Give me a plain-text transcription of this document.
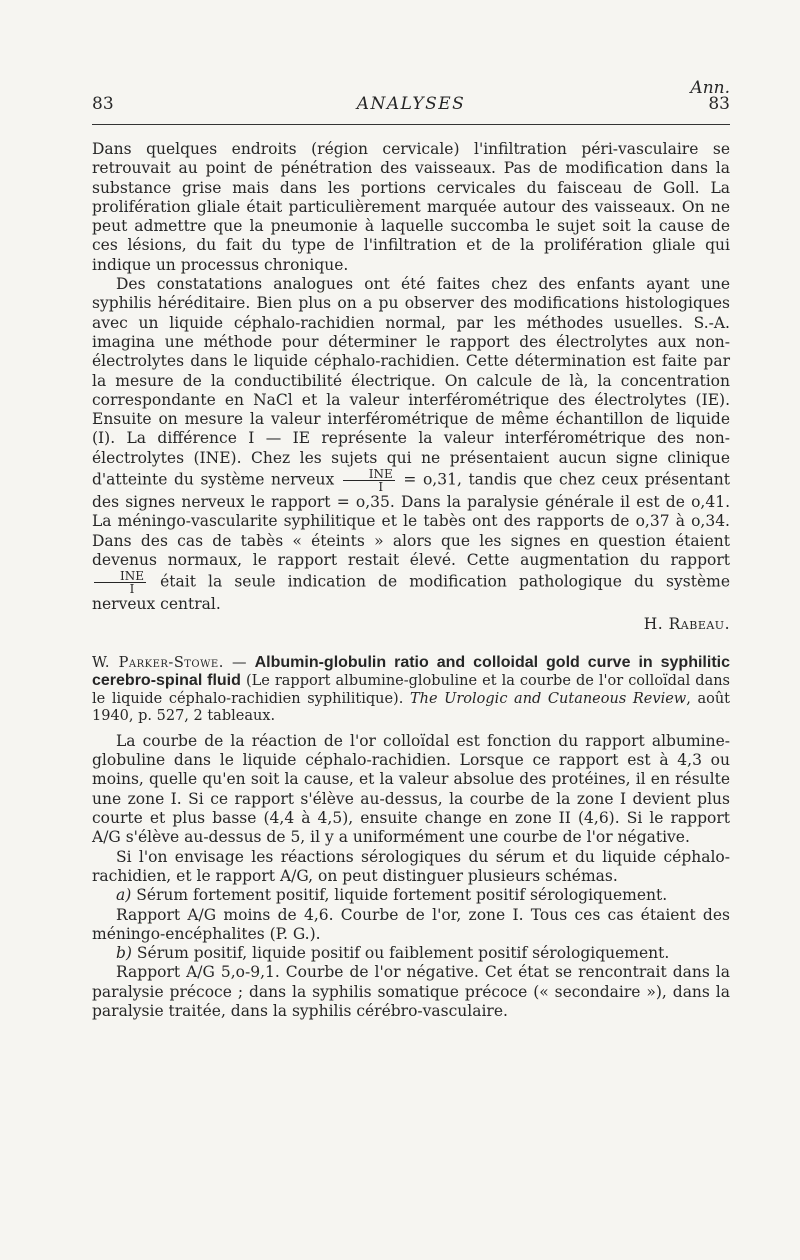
Ann.
83	ANALYSES	83

Dans quelques endroits (région cervicale) l'infiltration péri-vasculaire se retrouvait au point de pénétration des vaisseaux. Pas de modification dans la substance grise mais dans les portions cervicales du faisceau de Goll. La prolifération gliale était particulièrement marquée autour des vaisseaux. On ne peut admettre que la pneumonie à laquelle succomba le sujet soit la cause de ces lésions, du fait du type de l'infiltration et de la prolifération gliale qui indique un processus chronique.

Des constatations analogues ont été faites chez des enfants ayant une syphilis héréditaire. Bien plus on a pu observer des modifications histologiques avec un liquide céphalo-rachidien normal, par les méthodes usuelles. S.-A. imagina une méthode pour déterminer le rapport des électrolytes aux non-électrolytes dans le liquide céphalo-rachidien. Cette détermination est faite par la mesure de la conductibilité électrique. On calcule de là, la concentration correspondante en NaCl et la valeur interférométrique des électrolytes (IE). Ensuite on mesure la valeur interférométrique de même échantillon de liquide (I). La différence I — IE représente la valeur interférométrique des non-électrolytes (INE). Chez les sujets qui ne présentaient aucun signe clinique d'atteinte du système nerveux $\frac{\text{INE}}{I} = o,31$, tandis que chez ceux présentant des signes nerveux le rapport = o,35. Dans la paralysie générale il est de o,41. La méningo-vascularite syphilitique et le tabès ont des rapports de o,37 à o,34. Dans des cas de tabès « éteints » alors que les signes en question étaient devenus normaux, le rapport restait élevé. Cette augmentation du rapport
$\frac{\text{INE}}{I}$ était la seule indication de modification pathologique du système nerveux central.

H. Rabeau.

W. Parker-Stowe. — Albumin-globulin ratio and colloidal gold curve in syphilitic cerebro-spinal fluid (Le rapport albumine-globuline et la courbe de l'or colloïdal dans le liquide céphalo-rachidien syphilitique). The Urologic and Cutaneous Review, août 1940, p. 527, 2 tableaux.

La courbe de la réaction de l'or colloïdal est fonction du rapport albumine-globuline dans le liquide céphalo-rachidien. Lorsque ce rapport est à 4,3 ou moins, quelle qu'en soit la cause, et la valeur absolue des protéines, il en résulte une zone I. Si ce rapport s'élève au-dessus, la courbe de la zone I devient plus courte et plus basse (4,4 à 4,5), ensuite change en zone II (4,6). Si le rapport A/G s'élève au-dessus de 5, il y a uniformément une courbe de l'or négative.

Si l'on envisage les réactions sérologiques du sérum et du liquide céphalo-rachidien, et le rapport A/G, on peut distinguer plusieurs schémas.

a) Sérum fortement positif, liquide fortement positif sérologiquement.

Rapport A/G moins de 4,6. Courbe de l'or, zone I. Tous ces cas étaient des méningo-encéphalites (P. G.).

b) Sérum positif, liquide positif ou faiblement positif sérologiquement.

Rapport A/G 5,o-9,1. Courbe de l'or négative. Cet état se rencontrait dans la paralysie précoce ; dans la syphilis somatique précoce (« secondaire »), dans la paralysie traitée, dans la syphilis cérébro-vasculaire.
